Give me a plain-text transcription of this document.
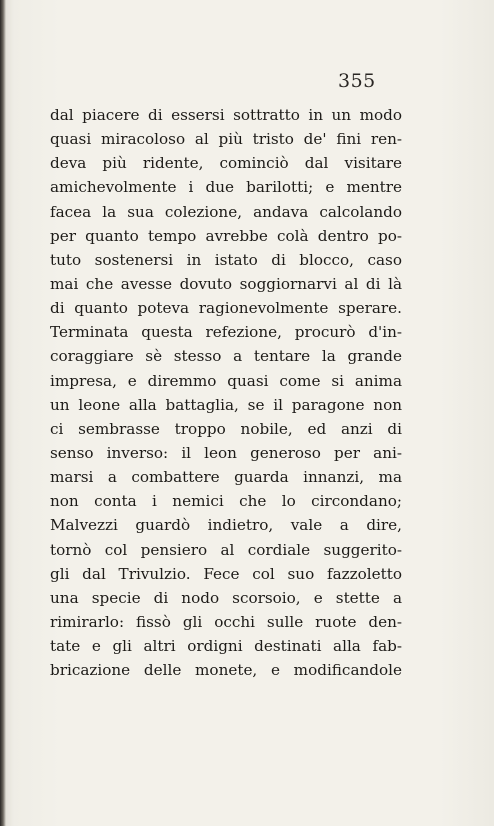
355
dal piacere di essersi sottratto in un modo
quasi miracoloso al più tristo de' fini ren-
deva più ridente, cominciò dal visitare
amichevolmente i due barilotti; e mentre
facea la sua colezione, andava calcolando
per quanto tempo avrebbe colà dentro po-
tuto sostenersi in istato di blocco, caso
mai che avesse dovuto soggiornarvi al di là
di quanto poteva ragionevolmente sperare.
Terminata questa refezione, procurò d'in-
coraggiare sè stesso a tentare la grande
impresa, e diremmo quasi come si anima
un leone alla battaglia, se il paragone non
ci sembrasse troppo nobile, ed anzi di
senso inverso: il leon generoso per ani-
marsi a combattere guarda innanzi, ma
non conta i nemici che lo circondano;
Malvezzi guardò indietro, vale a dire,
tornò col pensiero al cordiale suggerito-
gli dal Trivulzio. Fece col suo fazzoletto
una specie di nodo scorsoio, e stette a
rimirarlo: fissò gli occhi sulle ruote den-
tate e gli altri ordigni destinati alla fab-
bricazione delle monete, e modificandole
